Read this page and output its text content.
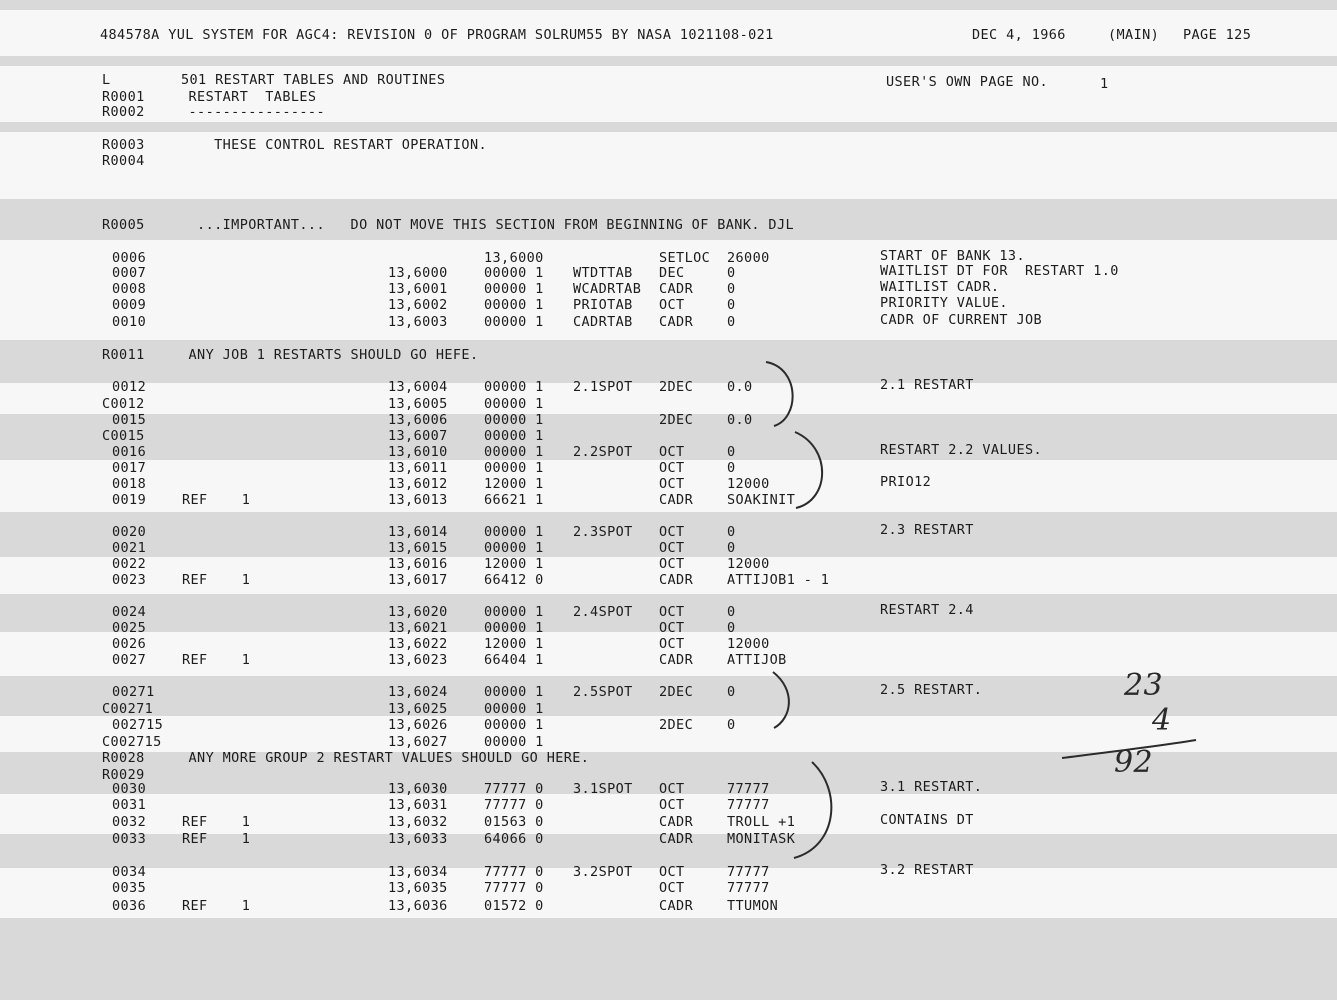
484578A YUL SYSTEM FOR AGC4: REVISION 0 OF PROGRAM SOLRUM55 BY NASA 1021108-021	DEC 4, 1966	(MAIN) PAGE 125
L	501 RESTART TABLES AND ROUTINES	USER'S OWN PAGE NO.	1
R0001	RESTART  TABLES
R0002	----------------
R0003	THESE CONTROL RESTART OPERATION.
R0004
R0005	...IMPORTANT...   DO NOT MOVE THIS SECTION FROM BEGINNING OF BANK. DJL
0006	13,6000	SETLOC 26000	START OF BANK 13.
0007	13,6000	00000 1 WTDTTAB DEC	0	WAITLIST DT FOR  RESTART 1.0
0008	13,6001	00000 1 WCADRTAB CADR	0	WAITLIST CADR.
0009	13,6002	00000 1 PRIOTAB OCT	0	PRIORITY VALUE.
0010	13,6003	00000 1 CADRTAB CADR	0	CADR OF CURRENT JOB
R0011	ANY JOB 1 RESTARTS SHOULD GO HEFE.
0012	13,6004	00000 1 2.1SPOT 2DEC	0.0	2.1 RESTART
C0012	13,6005	00000 1
0015	13,6006	00000 1	2DEC	0.0
C0015	13,6007	00000 1
0016	13,6010	00000 1 2.2SPOT OCT	0	RESTART 2.2 VALUES.
0017	13,6011	00000 1	OCT	0
0018	13,6012	12000 1	OCT	12000	PRIO12
0019	REF    1	13,6013	66621 1	CADR	SOAKINIT
0020	13,6014	00000 1 2.3SPOT OCT	0	2.3 RESTART
0021	13,6015	00000 1	OCT	0
0022	13,6016	12000 1	OCT	12000
0023	REF    1	13,6017	66412 0	CADR	ATTIJOB1 - 1
0024	13,6020	00000 1 2.4SPOT OCT	0	RESTART 2.4
0025	13,6021	00000 1	OCT	0
0026	13,6022	12000 1	OCT	12000
0027	REF    1	13,6023	66404 1	CADR	ATTIJOB
00271	13,6024	00000 1 2.5SPOT 2DEC	0	2.5 RESTART.
C00271	13,6025	00000 1
002715	13,6026	00000 1	2DEC	0
C002715	13,6027	00000 1
R0028	ANY MORE GROUP 2 RESTART VALUES SHOULD GO HERE.
R0029
0030	13,6030	77777 0 3.1SPOT OCT	77777	3.1 RESTART.
0031	13,6031	77777 0	OCT	77777
0032	REF    1	13,6032	01563 0	CADR	TROLL +1	CONTAINS DT
0033	REF    1	13,6033	64066 0	CADR	MONITASK
0034	13,6034	77777 0 3.2SPOT OCT	77777	3.2 RESTART
0035	13,6035	77777 0	OCT	77777
0036	REF    1	13,6036	01572 0	CADR	TTUMON
23
4
92
